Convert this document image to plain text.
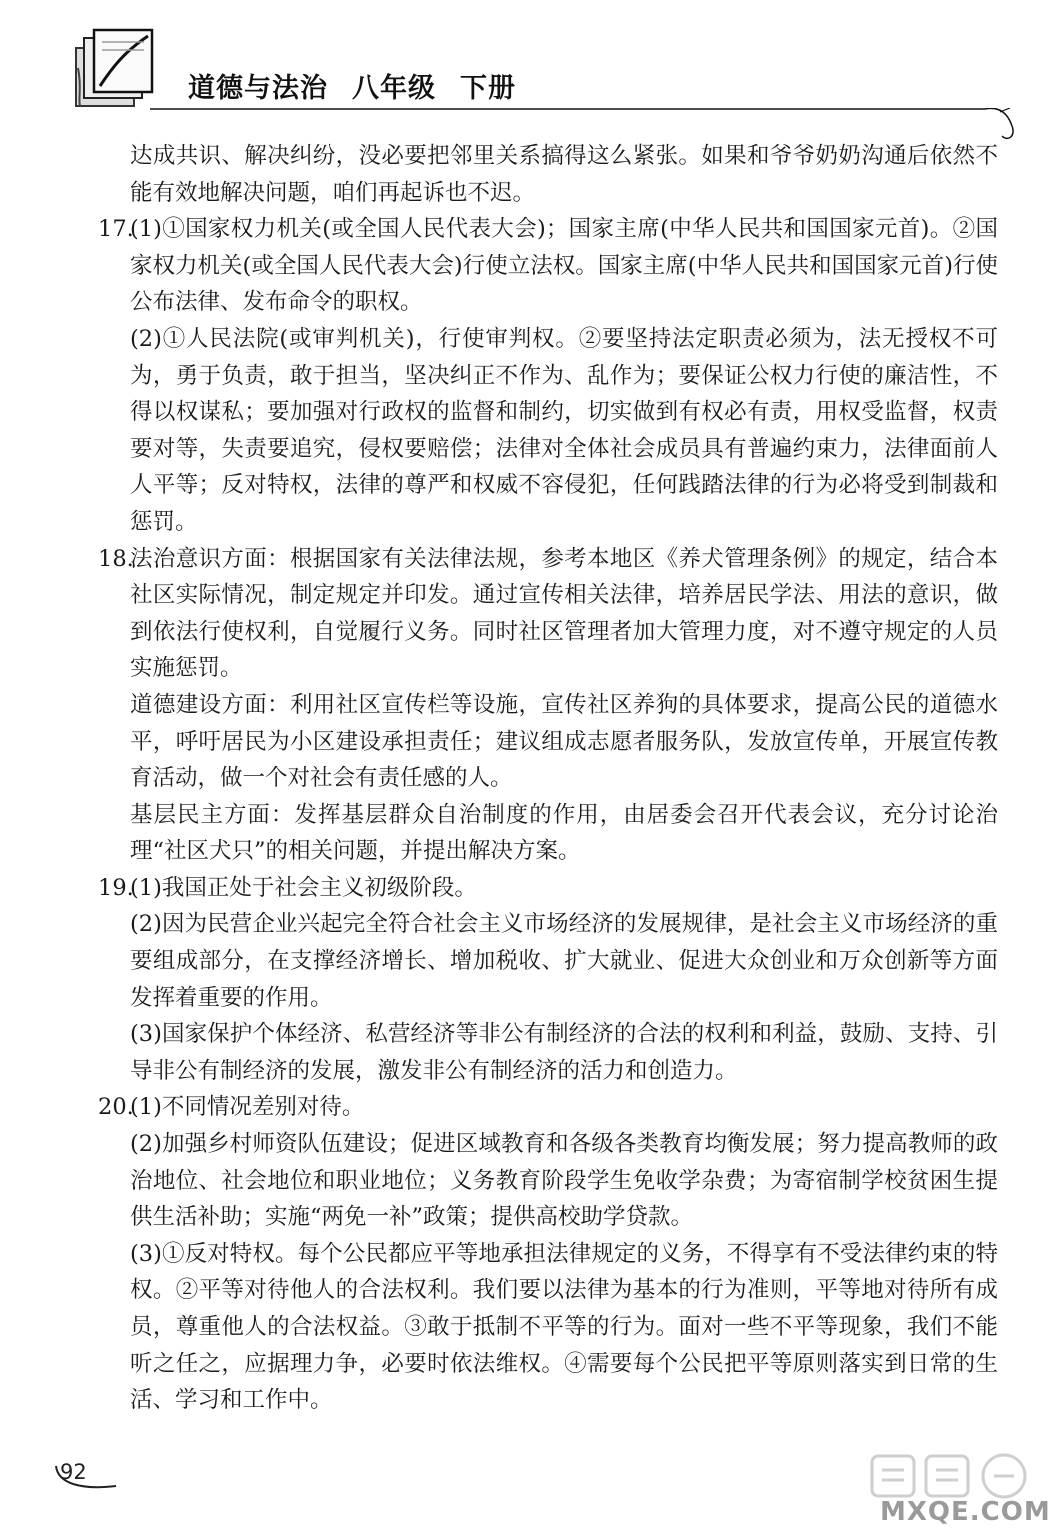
道德与法治 八年级 下册

达成共识、解决纠纷，没必要把邻里关系搞得这么紧张。如果和爷爷奶奶沟通后依然不能有效地解决问题，咱们再起诉也不迟。

17.

(1)①国家权力机关(或全国人民代表大会)；国家主席(中华人民共和国国家元首)。②国家权力机关(或全国人民代表大会)行使立法权。国家主席(中华人民共和国国家元首)行使公布法律、发布命令的职权。

(2)①人民法院(或审判机关)，行使审判权。②要坚持法定职责必须为，法无授权不可为，勇于负责，敢于担当，坚决纠正不作为、乱作为；要保证公权力行使的廉洁性，不得以权谋私；要加强对行政权的监督和制约，切实做到有权必有责，用权受监督，权责要对等，失责要追究，侵权要赔偿；法律对全体社会成员具有普遍约束力，法律面前人人平等；反对特权，法律的尊严和权威不容侵犯，任何践踏法律的行为必将受到制裁和惩罚。

18.

法治意识方面：根据国家有关法律法规，参考本地区《养犬管理条例》的规定，结合本社区实际情况，制定规定并印发。通过宣传相关法律，培养居民学法、用法的意识，做到依法行使权利，自觉履行义务。同时社区管理者加大管理力度，对不遵守规定的人员实施惩罚。

道德建设方面：利用社区宣传栏等设施，宣传社区养狗的具体要求，提高公民的道德水平，呼吁居民为小区建设承担责任；建议组成志愿者服务队，发放宣传单，开展宣传教育活动，做一个对社会有责任感的人。

基层民主方面：发挥基层群众自治制度的作用，由居委会召开代表会议，充分讨论治理“社区犬只”的相关问题，并提出解决方案。

19.

(1)我国正处于社会主义初级阶段。

(2)因为民营企业兴起完全符合社会主义市场经济的发展规律，是社会主义市场经济的重要组成部分，在支撑经济增长、增加税收、扩大就业、促进大众创业和万众创新等方面发挥着重要的作用。

(3)国家保护个体经济、私营经济等非公有制经济的合法的权利和利益，鼓励、支持、引导非公有制经济的发展，激发非公有制经济的活力和创造力。

20.

(1)不同情况差别对待。

(2)加强乡村师资队伍建设；促进区域教育和各级各类教育均衡发展；努力提高教师的政治地位、社会地位和职业地位；义务教育阶段学生免收学杂费；为寄宿制学校贫困生提供生活补助；实施“两免一补”政策；提供高校助学贷款。

(3)①反对特权。每个公民都应平等地承担法律规定的义务，不得享有不受法律约束的特权。②平等对待他人的合法权利。我们要以法律为基本的行为准则，平等地对待所有成员，尊重他人的合法权益。③敢于抵制不平等的行为。面对一些不平等现象，我们不能听之任之，应据理力争，必要时依法维权。④需要每个公民把平等原则落实到日常的生活、学习和工作中。

92
MXQE.COM
